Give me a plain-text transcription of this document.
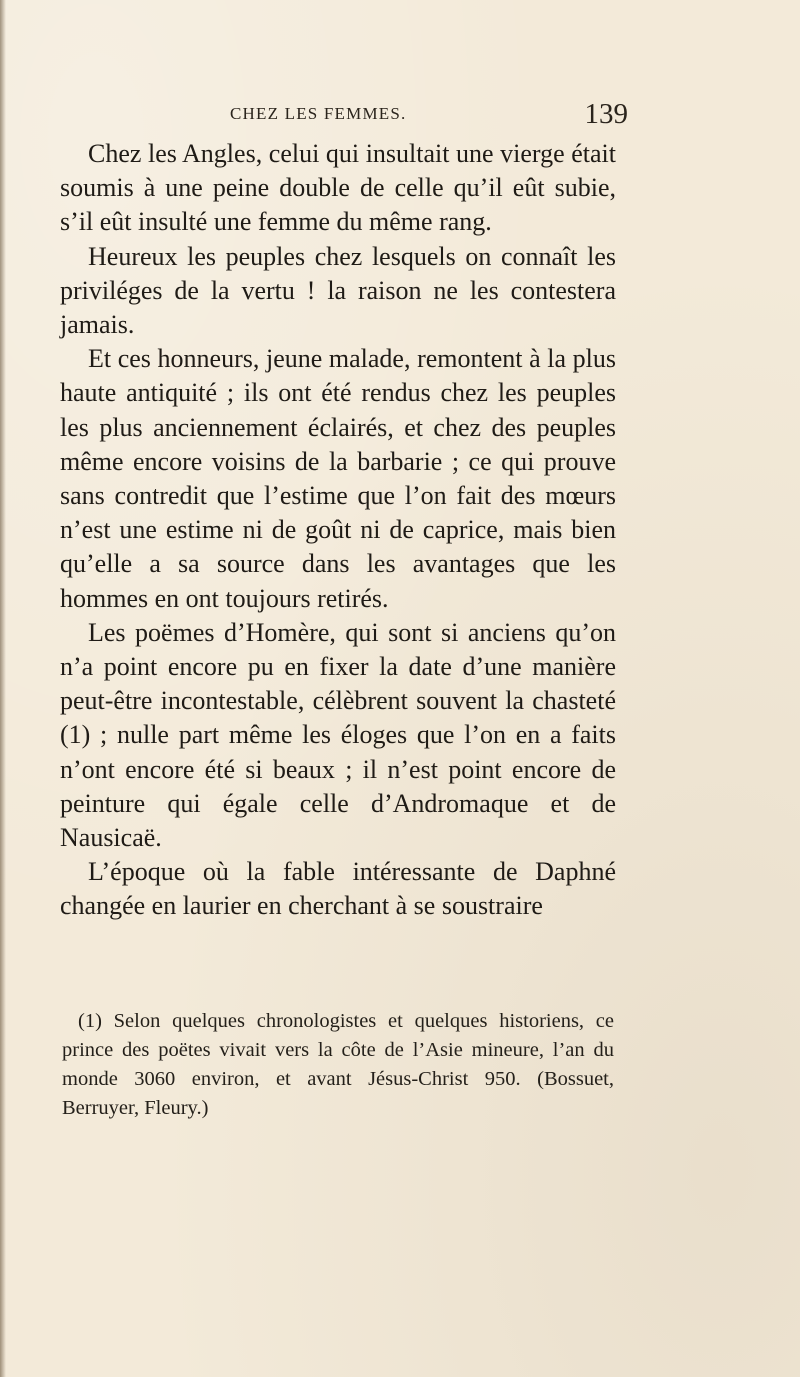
CHEZ LES FEMMES.	139

Chez les Angles, celui qui insultait une vierge était soumis à une peine double de celle qu’il eût subie, s’il eût insulté une femme du même rang.

Heureux les peuples chez lesquels on connaît les priviléges de la vertu ! la raison ne les contestera jamais.

Et ces honneurs, jeune malade, remontent à la plus haute antiquité ; ils ont été rendus chez les peuples les plus anciennement éclairés, et chez des peuples même encore voisins de la barbarie ; ce qui prouve sans contredit que l’estime que l’on fait des mœurs n’est une estime ni de goût ni de caprice, mais bien qu’elle a sa source dans les avantages que les hommes en ont toujours retirés.

Les poëmes d’Homère, qui sont si anciens qu’on n’a point encore pu en fixer la date d’une manière peut-être incontestable, célèbrent souvent la chasteté (1) ; nulle part même les éloges que l’on en a faits n’ont encore été si beaux ; il n’est point encore de peinture qui égale celle d’Andromaque et de Nausicaë.

L’époque où la fable intéressante de Daphné changée en laurier en cherchant à se soustraire

(1) Selon quelques chronologistes et quelques historiens, ce prince des poëtes vivait vers la côte de l’Asie mineure, l’an du monde 3060 environ, et avant Jésus-Christ 950. (Bossuet, Berruyer, Fleury.)
